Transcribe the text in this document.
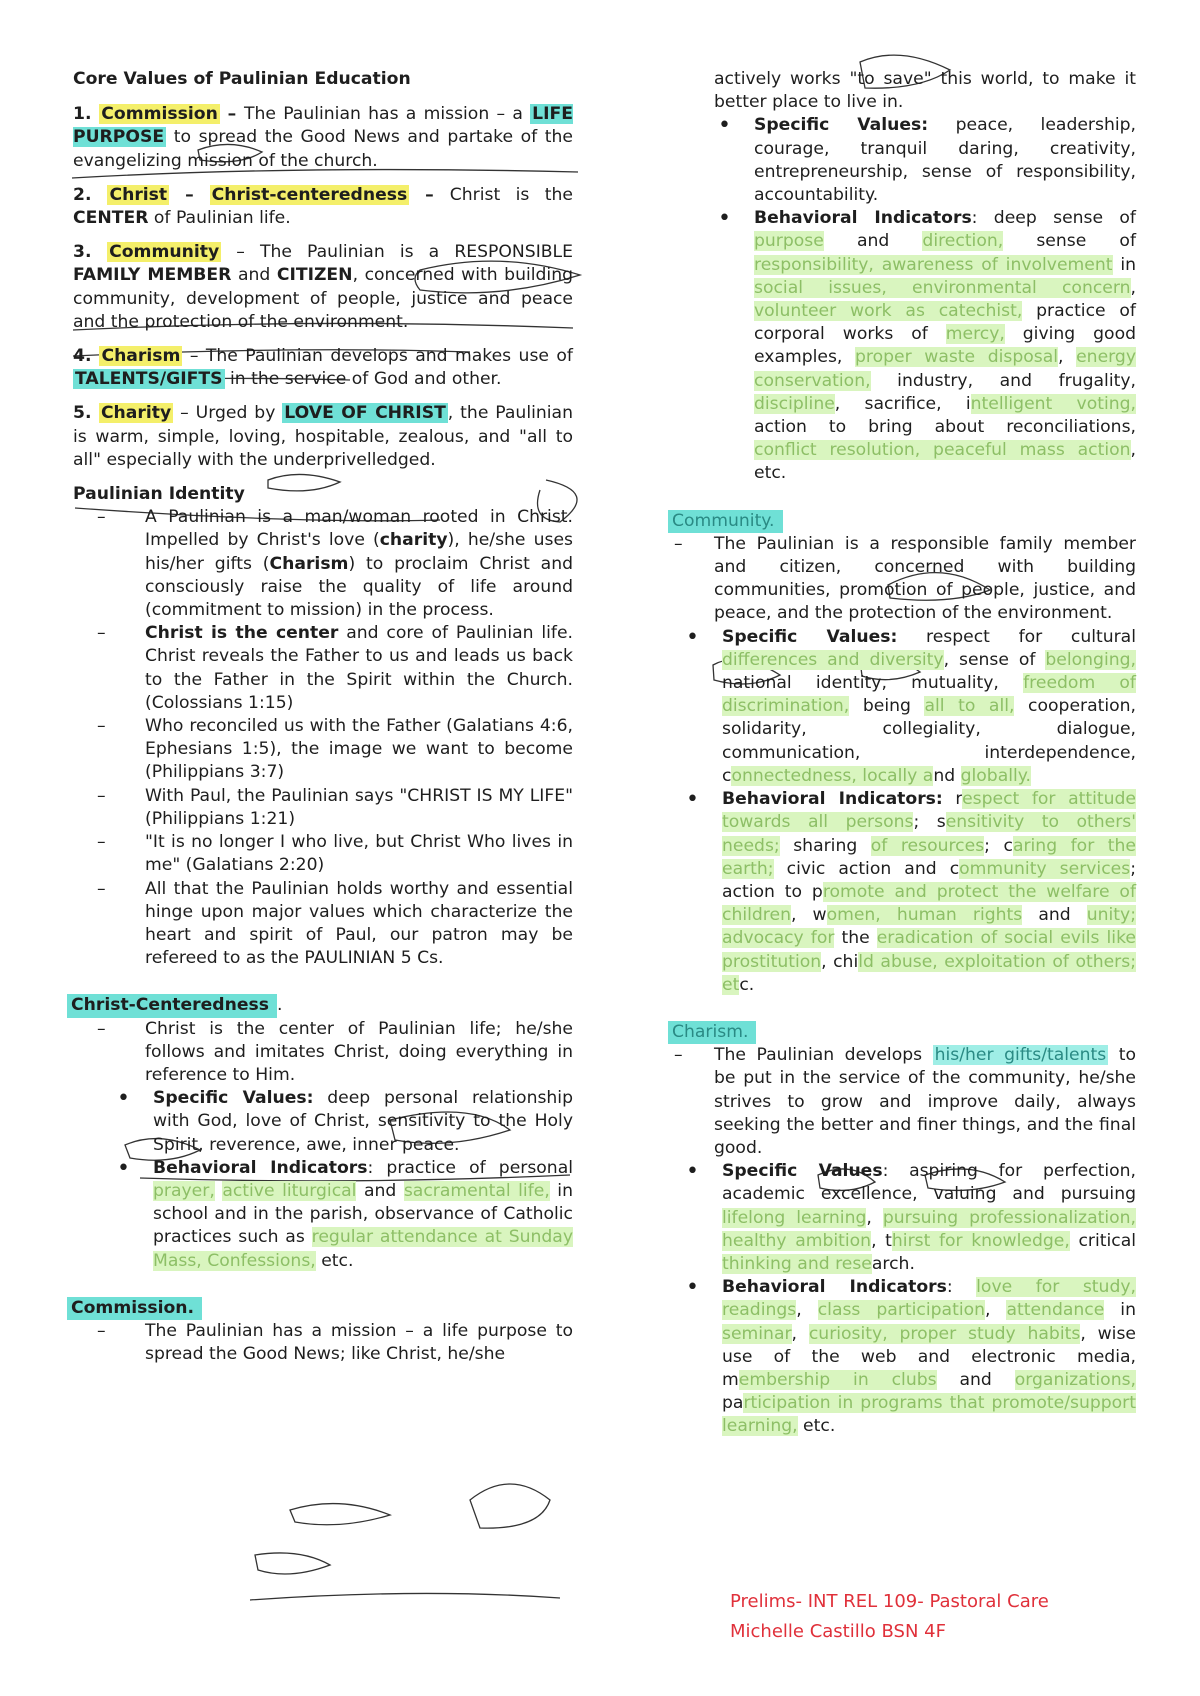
Core Values of Paulinian Education

1. Commission – The Paulinian has a mission – a LIFE PURPOSE to spread the Good News and partake of the evangelizing mission of the church.

2. Christ – Christ-centeredness – Christ is the CENTER of Paulinian life.

3. Community – The Paulinian is a RESPONSIBLE FAMILY MEMBER and CITIZEN, concerned with building community, development of people, justice and peace and the protection of the environment.

4. Charism – The Paulinian develops and makes use of TALENTS/GIFTS in the service of God and other.

5. Charity – Urged by LOVE OF CHRIST , the Paulinian is warm, simple, loving, hospitable, zealous, and "all to all" especially with the underprivelledged.

Paulinian Identity

– A Paulinian is a man/woman rooted in Christ. Impelled by Christ's love (charity), he/she uses his/her gifts (Charism) to proclaim Christ and consciously raise the quality of life around (commitment to mission) in the process.
– Christ is the center and core of Paulinian life. Christ reveals the Father to us and leads us back to the Father in the Spirit within the Church. (Colossians 1:15)
– Who reconciled us with the Father (Galatians 4:6, Ephesians 1:5), the image we want to become (Philippians 3:7)
– With Paul, the Paulinian says "CHRIST IS MY LIFE" (Philippians 1:21)
– "It is no longer I who live, but Christ Who lives in me" (Galatians 2:20)
– All that the Paulinian holds worthy and essential hinge upon major values which characterize the heart and spirit of Paul, our patron may be refereed to as the PAULINIAN 5 Cs.

Christ-Centeredness .

– Christ is the center of Paulinian life; he/she follows and imitates Christ, doing everything in reference to Him.
• Specific Values: deep personal relationship with God, love of Christ, sensitivity to the Holy Spirit, reverence, awe, inner peace.
• Behavioral Indicators: practice of personal prayer, active liturgical and sacramental life, in school and in the parish, observance of Catholic practices such as regular attendance at Sunday Mass, Confessions, etc.

Commission.

– The Paulinian has a mission – a life purpose to spread the Good News; like Christ, he/she

actively works "to save" this world, to make it better place to live in.

• Specific Values: peace, leadership, courage, tranquil daring, creativity, entrepreneurship, sense of responsibility, accountability.
• Behavioral Indicators: deep sense of purpose and direction, sense of responsibility, awareness of involvement in social issues, environmental concern, volunteer work as catechist, practice of corporal works of mercy, giving good examples, proper waste disposal, energy conservation, industry, and frugality, discipline, sacrifice, intelligent voting, action to bring about reconciliations, conflict resolution, peaceful mass action, etc.

Community.

– The Paulinian is a responsible family member and citizen, concerned with building communities, promotion of people, justice, and peace, and the protection of the environment.
• Specific Values: respect for cultural differences and diversity, sense of belonging, national identity, mutuality, freedom of discrimination, being all to all, cooperation, solidarity, collegiality, dialogue, communication, interdependence, connectedness, locally and globally.
• Behavioral Indicators: respect for attitude towards all persons; sensitivity to others' needs; sharing of resources; caring for the earth; civic action and community services; action to promote and protect the welfare of children, women, human rights and unity; advocacy for the eradication of social evils like prostitution, child abuse, exploitation of others; etc.

Charism.

– The Paulinian develops his/her gifts/talents to be put in the service of the community, he/she strives to grow and improve daily, always seeking the better and finer things, and the final good.
• Specific Values: aspiring for perfection, academic excellence, valuing and pursuing lifelong learning, pursuing professionalization, healthy ambition, thirst for knowledge, critical thinking and research.
• Behavioral Indicators: love for study, readings, class participation, attendance in seminar, curiosity, proper study habits, wise use of the web and electronic media, membership in clubs and organizations, participation in programs that promote/support learning, etc.
Prelims- INT REL 109- Pastoral Care
Michelle Castillo BSN 4F
